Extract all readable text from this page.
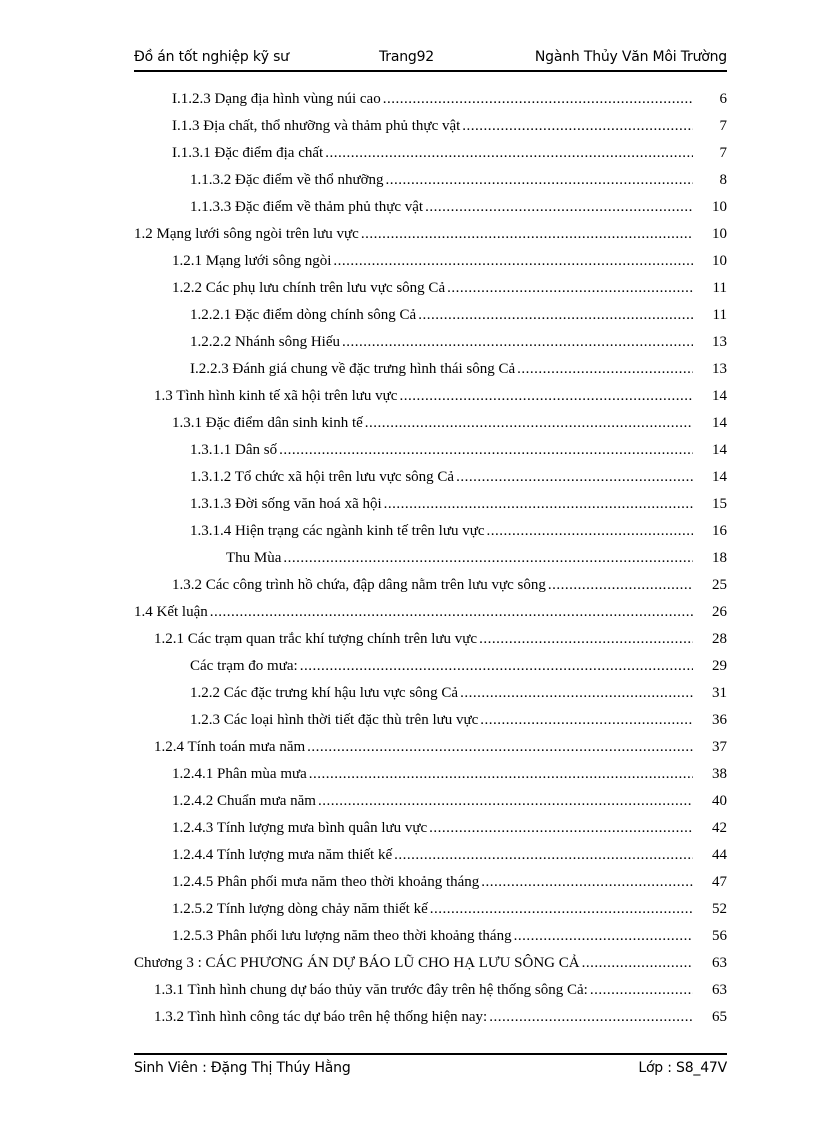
Đồ án tốt nghiệp kỹ sư	Trang92	Ngành Thủy Văn Môi Trường
I.1.2.3 Dạng địa hình vùng núi cao .....	6
I.1.3 Địa chất, thổ nhưỡng và thảm phủ thực vật .....	7
I.1.3.1 Đặc điểm địa chất .....	7
1.1.3.2 Đặc điểm về thổ nhưỡng .....	8
1.1.3.3 Đặc điểm về thảm phủ thực vật .....	10
1.2 Mạng lưới sông ngòi trên lưu vực .....	10
1.2.1 Mạng lưới sông ngòi .....	10
1.2.2 Các phụ lưu chính trên lưu vực sông Cả .....	11
1.2.2.1 Đặc điểm dòng chính sông Cả .....	11
1.2.2.2 Nhánh sông Hiếu .....	13
I.2.2.3 Đánh giá chung về đặc trưng hình thái sông Cả .....	13
1.3 Tình hình kinh tế xã hội trên lưu vực .....	14
1.3.1 Đặc điểm dân sinh kinh tế .....	14
1.3.1.1 Dân số .....	14
1.3.1.2 Tổ chức xã hội trên lưu vực sông Cả .....	14
1.3.1.3 Đời sống văn hoá xã hội .....	15
1.3.1.4 Hiện trạng các ngành kinh tế trên lưu vực .....	16
Thu Mùa .....	18
1.3.2 Các công trình hồ chứa, đập dâng nằm trên lưu vực sông .....	25
1.4 Kết luận .....	26
1.2.1 Các trạm quan trắc khí tượng chính trên lưu vực .....	28
Các trạm đo mưa: .....	29
1.2.2 Các đặc trưng khí hậu lưu vực sông Cả .....	31
1.2.3 Các loại hình thời tiết đặc thù trên lưu vực .....	36
1.2.4 Tính toán mưa năm .....	37
1.2.4.1 Phân mùa mưa .....	38
1.2.4.2 Chuẩn mưa năm .....	40
1.2.4.3 Tính lượng mưa bình quân lưu vực .....	42
1.2.4.4 Tính lượng mưa năm thiết kế .....	44
1.2.4.5 Phân phối mưa năm theo thời khoảng tháng .....	47
1.2.5.2 Tính lượng dòng chảy năm thiết kế .....	52
1.2.5.3 Phân phối lưu lượng năm theo thời khoảng tháng .....	56
Chương 3 : CÁC PHƯƠNG ÁN DỰ BÁO LŨ CHO HẠ LƯU SÔNG CẢ .....	63
1.3.1 Tình hình chung dự báo thủy văn trước đây trên hệ thống sông Cả: .....	63
1.3.2 Tình hình công tác dự báo trên hệ thống hiện nay: .....	65
Sinh Viên : Đặng Thị Thúy Hằng	Lớp : S8_47V
